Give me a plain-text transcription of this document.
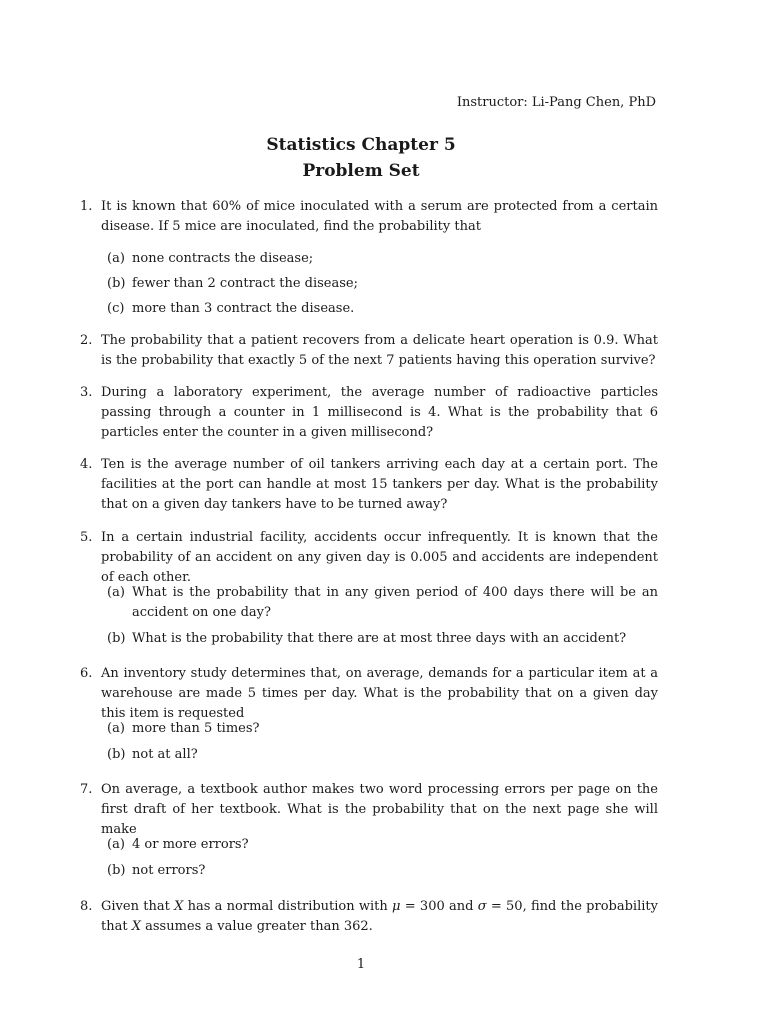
Instructor: Li-Pang Chen, PhD
Statistics Chapter 5
Problem Set
1. It is known that 60% of mice inoculated with a serum are protected from a certain disease. If 5 mice are inoculated, find the probability that
(a) none contracts the disease;
(b) fewer than 2 contract the disease;
(c) more than 3 contract the disease.
2. The probability that a patient recovers from a delicate heart operation is 0.9. What is the probability that exactly 5 of the next 7 patients having this operation survive?
3. During a laboratory experiment, the average number of radioactive particles passing through a counter in 1 millisecond is 4. What is the probability that 6 particles enter the counter in a given millisecond?
4. Ten is the average number of oil tankers arriving each day at a certain port. The facilities at the port can handle at most 15 tankers per day. What is the probability that on a given day tankers have to be turned away?
5. In a certain industrial facility, accidents occur infrequently. It is known that the probability of an accident on any given day is 0.005 and accidents are independent of each other.
(a) What is the probability that in any given period of 400 days there will be an accident on one day?
(b) What is the probability that there are at most three days with an accident?
6. An inventory study determines that, on average, demands for a particular item at a warehouse are made 5 times per day. What is the probability that on a given day this item is requested
(a) more than 5 times?
(b) not at all?
7. On average, a textbook author makes two word processing errors per page on the first draft of her textbook. What is the probability that on the next page she will make
(a) 4 or more errors?
(b) not errors?
8. Given that X has a normal distribution with μ = 300 and σ = 50, find the probability that X assumes a value greater than 362.
1
